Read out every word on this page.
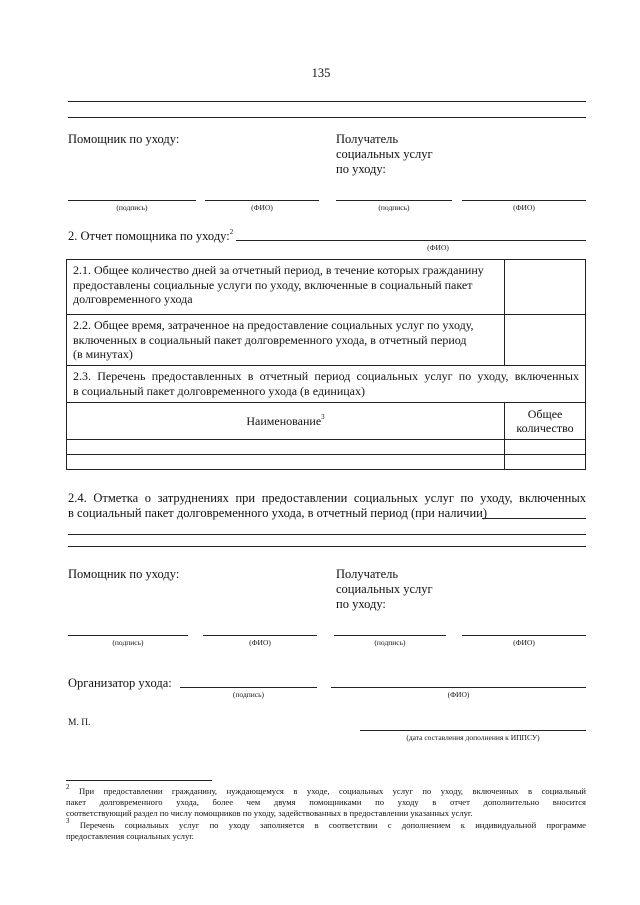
135
Помощник по уходу:	Получатель
социальных услуг
по уходу:
(подпись)	(ФИО)	(подпись)	(ФИО)
2. Отчет помощника по уходу:$^2$
(ФИО)
2.1. Общее количество дней за отчетный период, в течение которых гражданину
предоставлены социальные услуги по уходу, включенные в социальный пакет
долговременного ухода	

2.2. Общее время, затраченное на предоставление социальных услуг по уходу,
включенных в социальный пакет долговременного ухода, в отчетный период
(в минутах)	

2.3. Перечень предоставленных в отчетный период социальных услуг по уходу, включенных
в социальный пакет долговременного ухода (в единицах)	

Наименование$^3$	Общее
количество

2.4. Отметка о затруднениях при предоставлении социальных услуг по уходу, включенных
в социальный пакет долговременного ухода, в отчетный период (при наличии)
Помощник по уходу:	Получатель
социальных услуг
по уходу:
(подпись)	(ФИО)	(подпись)	(ФИО)
Организатор ухода:
(подпись)	(ФИО)
М. П.
(дата составления дополнения к ИППСУ)
$^2$ При предоставлении гражданину, нуждающемуся в уходе, социальных услуг по уходу, включенных в социальный
пакет долговременного ухода, более чем двумя помощниками по уходу в отчет дополнительно вносится
соответствующий раздел по числу помощников по уходу, задействованных в предоставлении указанных услуг.
$^3$ Перечень социальных услуг по уходу заполняется в соответствии с дополнением к индивидуальной программе
предоставления социальных услуг.
